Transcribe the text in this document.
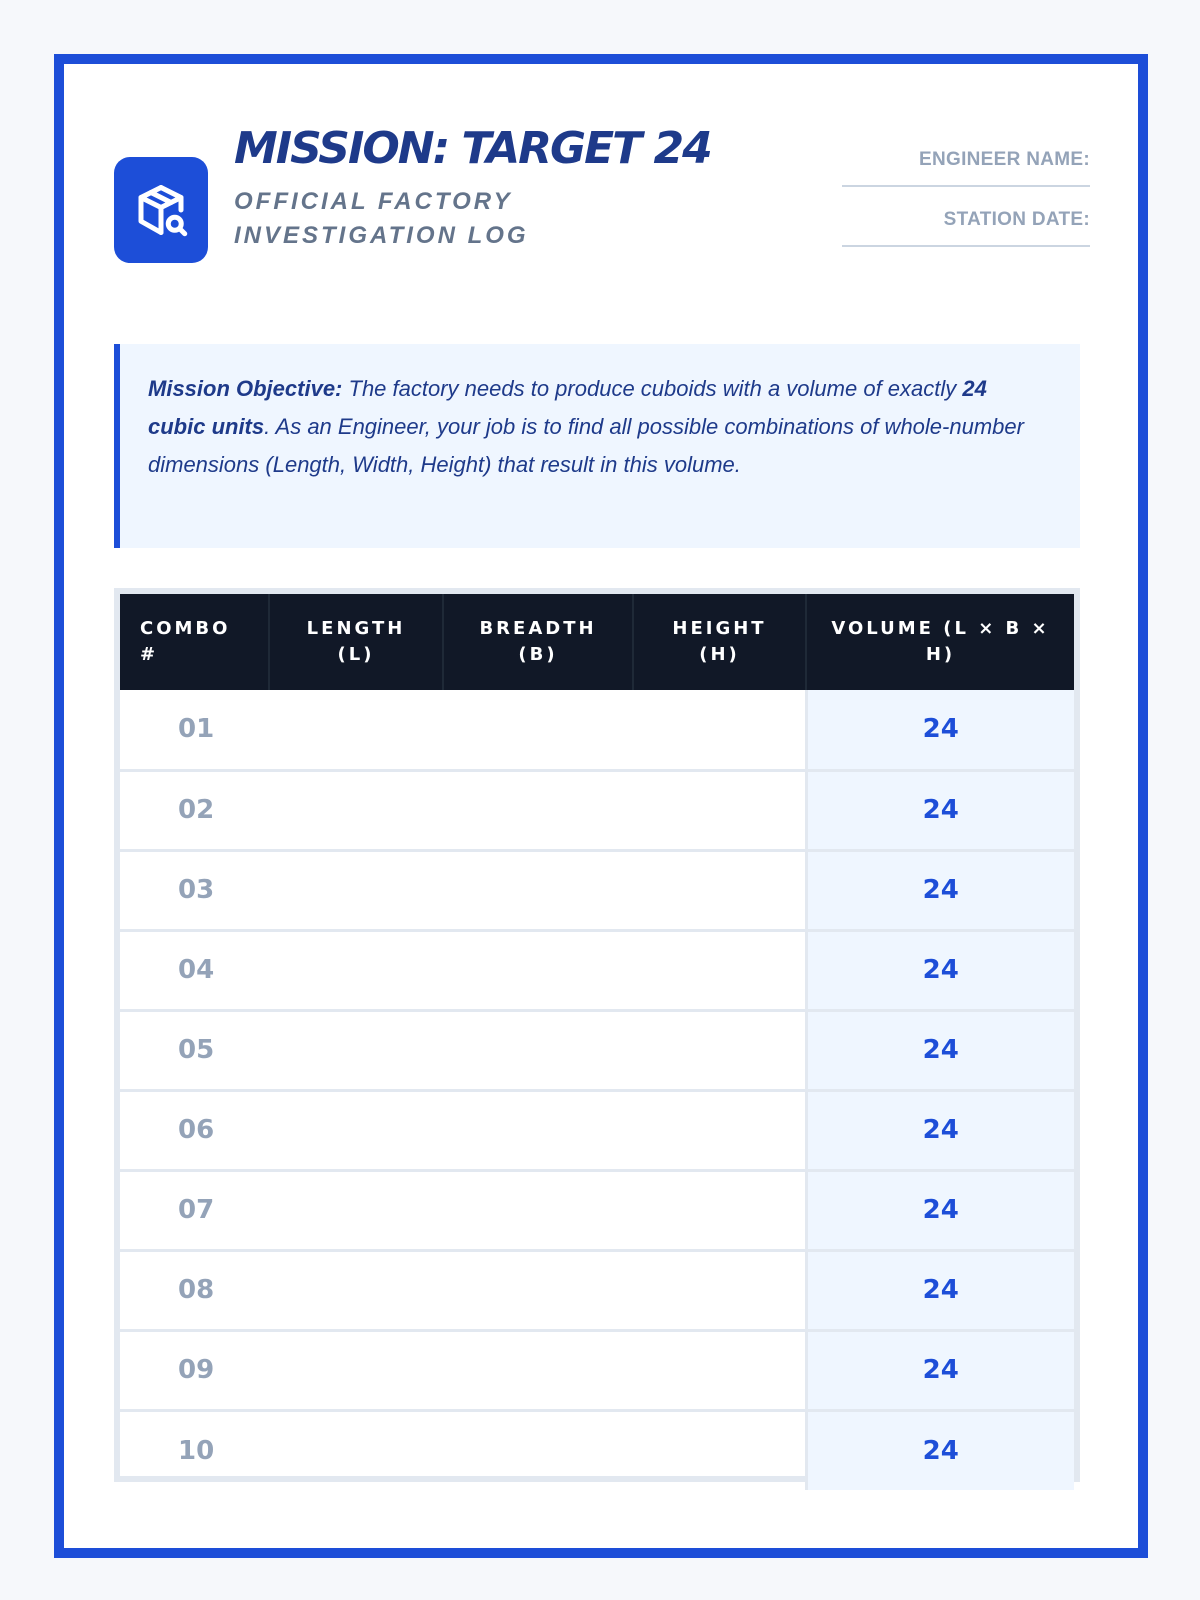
MISSION: TARGET 24
OFFICIAL FACTORY INVESTIGATION LOG
ENGINEER NAME:
STATION DATE:
Mission Objective: The factory needs to produce cuboids with a volume of exactly 24 cubic units. As an Engineer, your job is to find all possible combinations of whole-number dimensions (Length, Width, Height) that result in this volume.
COMBO #	LENGTH (L)	BREADTH (B)	HEIGHT (H)	VOLUME (L × B × H)
01				24
02				24
03				24
04				24
05				24
06				24
07				24
08				24
09				24
10				24
